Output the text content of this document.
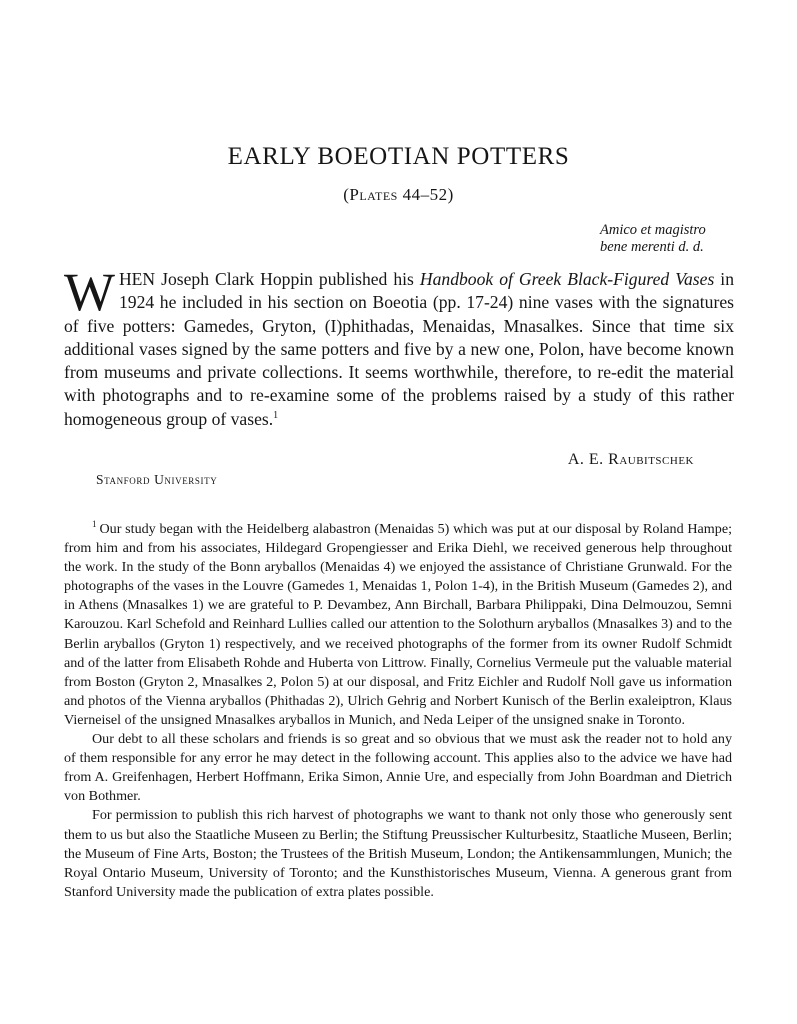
EARLY BOEOTIAN POTTERS
(Plates 44–52)
Amico et magistro
bene merenti d. d.

WHEN Joseph Clark Hoppin published his Handbook of Greek Black-Figured Vases in 1924 he included in his section on Boeotia (pp. 17-24) nine vases with the signatures of five potters: Gamedes, Gryton, (I)phithadas, Menaidas, Mnasalkes. Since that time six additional vases signed by the same potters and five by a new one, Polon, have become known from museums and private collections. It seems worthwhile, therefore, to re-edit the material with photographs and to re-examine some of the problems raised by a study of this rather homogeneous group of vases.$^1$

A. E. Raubitschek
Stanford University

$^1$ Our study began with the Heidelberg alabastron (Menaidas 5) which was put at our disposal by Roland Hampe; from him and from his associates, Hildegard Gropengiesser and Erika Diehl, we received generous help throughout the work. In the study of the Bonn aryballos (Menaidas 4) we enjoyed the assistance of Christiane Grunwald. For the photographs of the vases in the Louvre (Gamedes 1, Menaidas 1, Polon 1-4), in the British Museum (Gamedes 2), and in Athens (Mnasalkes 1) we are grateful to P. Devambez, Ann Birchall, Barbara Philippaki, Dina Delmouzou, Semni Karouzou. Karl Schefold and Reinhard Lullies called our attention to the Solothurn aryballos (Mnasalkes 3) and to the Berlin aryballos (Gryton 1) respectively, and we received photographs of the former from its owner Rudolf Schmidt and of the latter from Elisabeth Rohde and Huberta von Littrow. Finally, Cornelius Vermeule put the valuable material from Boston (Gryton 2, Mnasalkes 2, Polon 5) at our disposal, and Fritz Eichler and Rudolf Noll gave us information and photos of the Vienna aryballos (Phithadas 2), Ulrich Gehrig and Norbert Kunisch of the Berlin exaleiptron, Klaus Vierneisel of the unsigned Mnasalkes aryballos in Munich, and Neda Leiper of the unsigned snake in Toronto.

Our debt to all these scholars and friends is so great and so obvious that we must ask the reader not to hold any of them responsible for any error he may detect in the following account. This applies also to the advice we have had from A. Greifenhagen, Herbert Hoffmann, Erika Simon, Annie Ure, and especially from John Boardman and Dietrich von Bothmer.

For permission to publish this rich harvest of photographs we want to thank not only those who generously sent them to us but also the Staatliche Museen zu Berlin; the Stiftung Preussischer Kulturbesitz, Staatliche Museen, Berlin; the Museum of Fine Arts, Boston; the Trustees of the British Museum, London; the Antikensammlungen, Munich; the Royal Ontario Museum, University of Toronto; and the Kunsthistorisches Museum, Vienna. A generous grant from Stanford University made the publication of extra plates possible.
